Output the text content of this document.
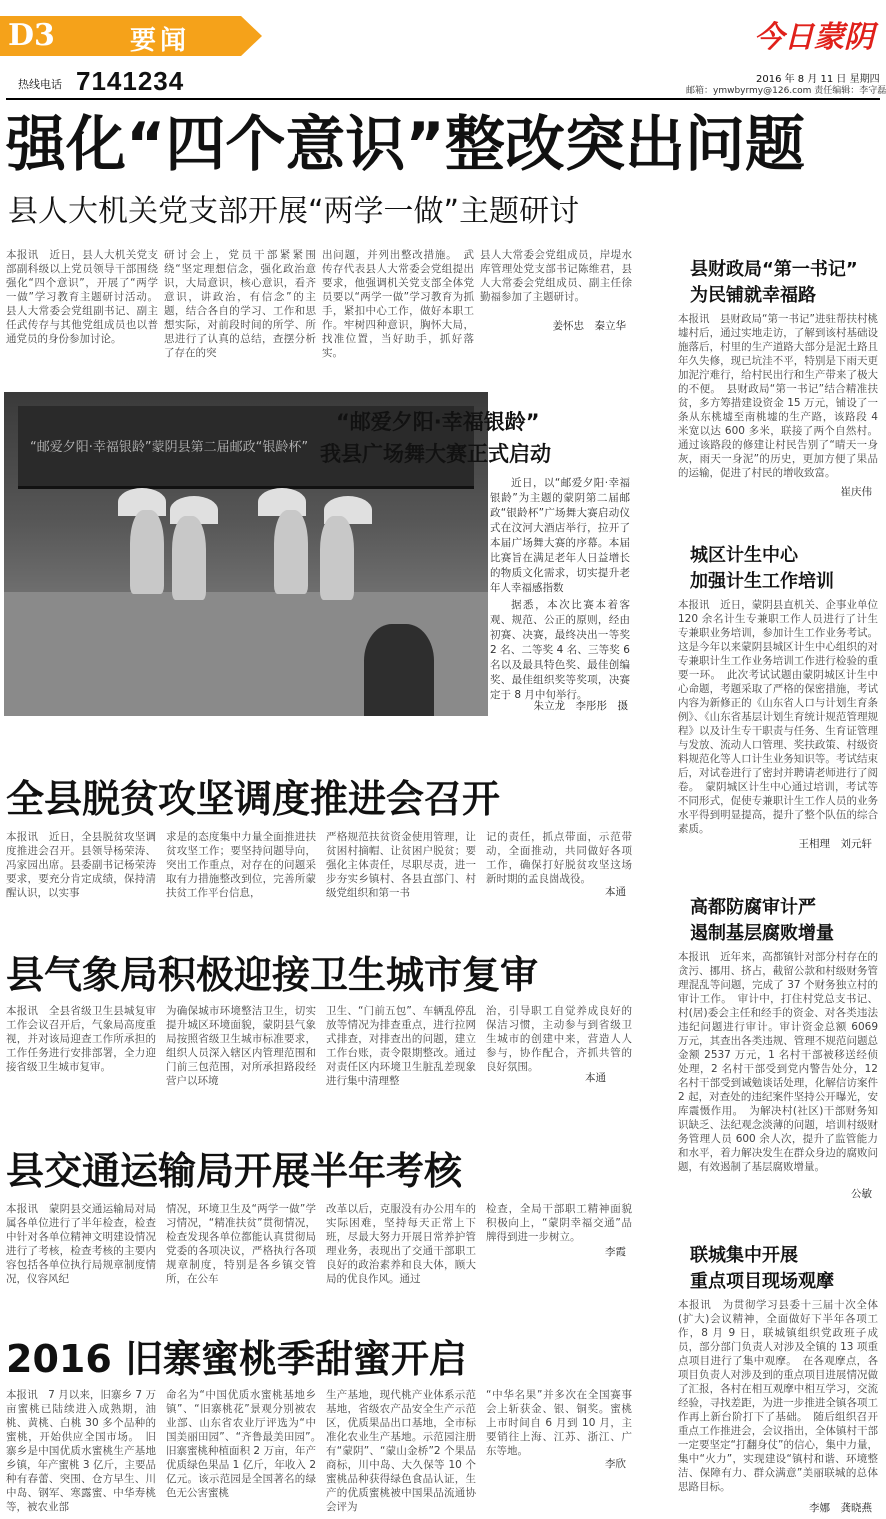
D3	要闻	今日蒙阴
热线电话 7141234	2016 年 8 月 11 日 星期四
邮箱：ymwbyrmy@126.com 责任编辑：李守磊
强化“四个意识”整改突出问题
县人大机关党支部开展“两学一做”主题研讨
本报讯　近日，县人大机关党支部副科级以上党员领导干部围绕强化“四个意识”，开展了“两学一做”学习教育主题研讨活动。县人大常委会党组副书记、副主任武传存与其他党组成员也以普通党员的身份参加讨论。
研讨会上，党员干部紧紧围绕“坚定理想信念，强化政治意识，大局意识，核心意识，看齐意识，讲政治，有信念”的主题，结合各自的学习、工作和思想实际，对前段时间的所学、所思进行了认真的总结，查摆分析了存在的突
出问题，并列出整改措施。　武传存代表县人大常委会党组提出要求，他强调机关党支部全体党员要以“两学一做”学习教育为抓手，紧扣中心工作，做好本职工作。牢树四种意识，胸怀大局，找准位置，当好助手，抓好落实。
县人大常委会党组成员，岸堤水库管理处党支部书记陈维君，县人大常委会党组成员、副主任徐勤福参加了主题研讨。
姜怀忠　秦立华
“邮爱夕阳·幸福银龄”蒙阴县第二届邮政“银龄杯”
“邮爱夕阳·幸福银龄”
我县广场舞大赛正式启动
近日，以“邮爱夕阳·幸福银龄”为主题的蒙阴第二届邮政“银龄杯”广场舞大赛启动仪式在汶河大酒店举行，拉开了本届广场舞大赛的序幕。本届比赛旨在满足老年人日益增长的物质文化需求，切实提升老年人幸福感指数
据悉，本次比赛本着客观、规范、公正的原则，经由初赛、决赛，最终决出一等奖 2 名、二等奖 4 名、三等奖 6 名以及最具特色奖、最佳创编奖、最佳组织奖等奖项，决赛定于 8 月中旬举行。
朱立龙　李彤彤　摄
全县脱贫攻坚调度推进会召开
本报讯　近日，全县脱贫攻坚调度推进会召开。县领导杨荣涛、冯家园出席。县委副书记杨荣涛要求，要充分肯定成绩，保持清醒认识，以实事
求是的态度集中力量全面推进扶贫攻坚工作；要坚持问题导向，突出工作重点，对存在的问题采取有力措施整改到位，完善所蒙扶贫工作平台信息，
严格规范扶贫资金使用管理，让贫困村摘帽、让贫困户脱贫；要强化主体责任，尽职尽责，进一步夯实乡镇村、各县直部门、村级党组织和第一书
记的责任，抓点带面，示范带动，全面推动，共同做好各项工作，确保打好脱贫攻坚这场新时期的孟良崮战役。
本通
县气象局积极迎接卫生城市复审
本报讯　全县省级卫生县城复审工作会议召开后，气象局高度重视，并对该局迎查工作所承担的工作任务进行安排部署，全力迎接省级卫生城市复审。
为确保城市环境整洁卫生，切实提升城区环境面貌，蒙阴县气象局按照省级卫生城市标准要求，组织人员深入辖区内管理范围和门前三包范围，对所承担路段经营户以环境
卫生、“门前五包”、车辆乱停乱放等情况为排查重点，进行拉网式排查，对排查出的问题，建立工作台账，责令限期整改。通过对责任区内环境卫生脏乱差现象进行集中清理整
治，引导职工自觉养成良好的保洁习惯，主动参与到省级卫生城市的创建中来，营造人人参与，协作配合，齐抓共管的良好氛围。
本通
县交通运输局开展半年考核
本报讯　蒙阴县交通运输局对局属各单位进行了半年检查，检查中针对各单位精神文明建设情况进行了考核，检查考核的主要内容包括各单位执行局规章制度情况，仪容风纪
情况，环境卫生及“两学一做”学习情况，“精准扶贫”贯彻情况，检查发现各单位都能认真贯彻局党委的各项决议，严格执行各项规章制度，特别是各乡镇交管所，在公车
改革以后，克服没有办公用车的实际困难，坚持每天正常上下班，尽最大努力开展日常养护管理业务，表现出了交通干部职工良好的政治素养和良大体，顾大局的优良作风。通过
检查，全局干部职工精神面貌积极向上，“蒙阴幸福交通”品牌得到进一步树立。
李霞
2016 旧寨蜜桃季甜蜜开启
本报讯　7 月以来，旧寨乡 7 万亩蜜桃已陆续进入成熟期，油桃、黄桃、白桃 30 多个品种的蜜桃，开始供应全国市场。　旧寨乡是中国优质水蜜桃生产基地乡镇，年产蜜桃 3 亿斤，主要品种有春蕾、突围、仓方早生、川中岛、钢军、寒露蜜、中华寿桃等，被农业部
命名为“中国优质水蜜桃基地乡镇”、“旧寨桃花”景观分别被农业部、山东省农业厅评选为“中国美丽田园”、“齐鲁最美田园”。　旧寨蜜桃种植面积 2 万亩，年产优质绿色果品 1 亿斤，年收入 2 亿元。该示范园是全国著名的绿色无公害蜜桃
生产基地，现代桃产业体系示范基地，省级农产品安全生产示范区，优质果品出口基地，全市标准化农业生产基地。示范园注册有“蒙阴”、“蒙山金桥”2 个果品商标，川中岛、大久保等 10 个蜜桃品种获得绿色食品认证，生产的优质蜜桃被中国果品流通协会评为
“中华名果”并多次在全国赛事会上斩获金、银、铜奖。蜜桃上市时间自 6 月到 10 月，主要销往上海、江苏、浙江、广东等地。
李欣
县财政局“第一书记”
为民铺就幸福路
本报讯　县财政局“第一书记”进驻帮扶村桃墟村后，通过实地走访，了解到该村基础设施落后，村里的生产道路大部分是泥土路且年久失修，现已坑洼不平，特别是下雨天更加泥泞难行，给村民出行和生产带来了极大的不便。　县财政局“第一书记”结合精准扶贫，多方筹措建设资金 15 万元，铺设了一条从东桃墟至南桃墟的生产路，该路段 4 米宽以达 600 多米，联接了两个自然村。通过该路段的修建让村民告别了“晴天一身灰，雨天一身泥”的历史，更加方便了果品的运输，促进了村民的增收致富。
崔庆伟
城区计生中心
加强计生工作培训
本报讯　近日，蒙阴县直机关、企事业单位 120 余名计生专兼职工作人员进行了计生专兼职业务培训，参加计生工作业务考试。这是今年以来蒙阴县城区计生中心组织的对专兼职计生工作业务培训工作进行检验的重要一环。　此次考试试题由蒙阴城区计生中心命题，考题采取了严格的保密措施，考试内容为新修正的《山东省人口与计划生育条例》、《山东省基层计划生育统计规范管理规程》以及计生专干职责与任务、生育证管理与发放、流动人口管理、奖扶政策、村级资料规范化等人口计生业务知识等。考试结束后，对试卷进行了密封并聘请老师进行了阅卷。　蒙阴城区计生中心通过培训，考试等不同形式，促使专兼职计生工作人员的业务水平得到明显提高，提升了整个队伍的综合素质。
王相理　刘元轩
高都防腐审计严
遏制基层腐败增量
本报讯　近年来，高都镇针对部分村存在的贪污、挪用、挤占，截留公款和村级财务管理混乱等问题，完成了 37 个财务独立村的审计工作。　审计中，打住村党总支书记、村(居)委会主任和经手的资金、对各类违法违纪问题进行审计。审计资金总额 6069 万元，其查出各类违规、管理不规范问题总金额 2537 万元，1 名村干部被移送经侦处理，2 名村干部受到党内警告处分，12 名村干部受到诫勉谈话处理，化解信访案件 2 起，对查处的违纪案件坚持公开曝光，安库震慑作用。　为解决村(社区)干部财务知识缺乏、法纪观念淡薄的问题，培训村级财务管理人员 600 余人次，提升了监管能力和水平，着力解决发生在群众身边的腐败问题，有效遏制了基层腐败增量。
公敏
联城集中开展
重点项目现场观摩
本报讯　为贯彻学习县委十三届十次全体(扩大)会议精神，全面做好下半年各项工作，8 月 9 日，联城镇组织党政班子成员，部分部门负责人对涉及全镇的 13 项重点项目进行了集中观摩。　在各观摩点，各项目负责人对涉及到的重点项目进展情况做了汇报，各村在相互观摩中相互学习，交流经验，寻找差距，为进一步推进全镇各项工作再上新台阶打下了基础。　随后组织召开重点工作推进会，会议指出，全体镇村干部一定要坚定“打翻身仗”的信心，集中力量，集中“火力”，实现建设“镇村和谐、环境整洁、保障有力、群众满意”美丽联城的总体思路目标。
李娜　龚晓燕
